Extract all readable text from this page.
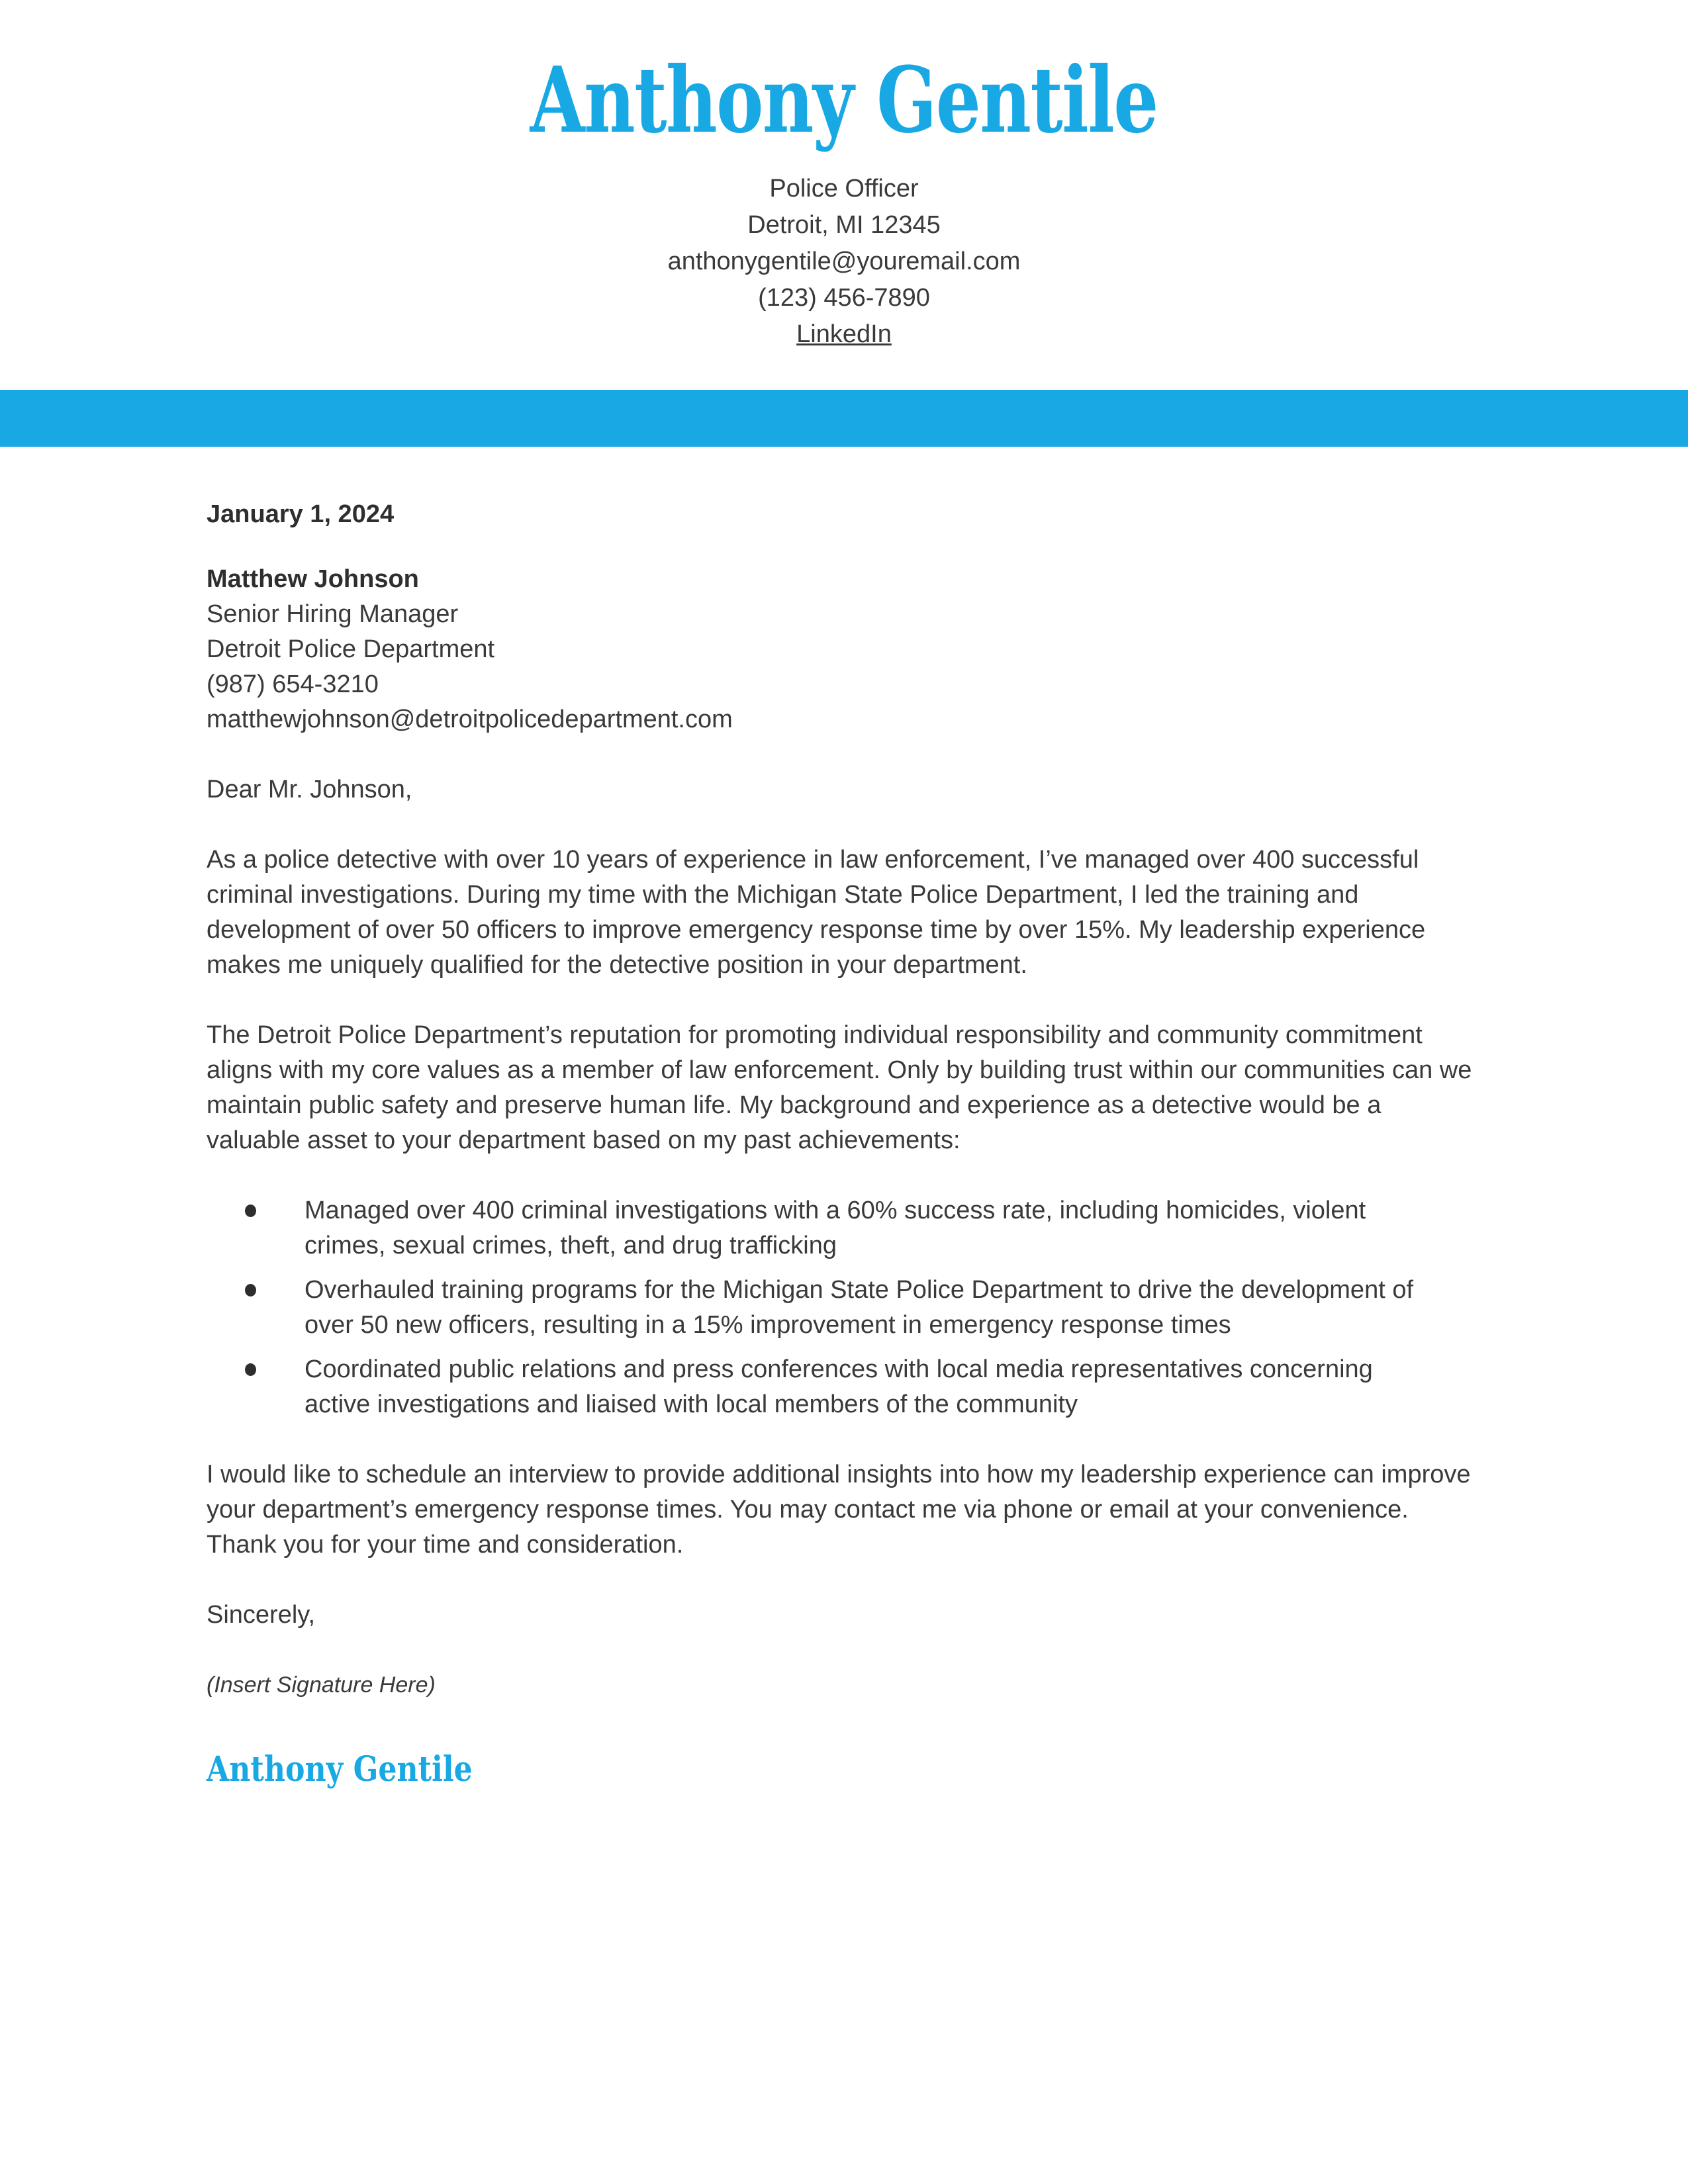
Anthony Gentile
Police Officer
Detroit, MI 12345
anthonygentile@youremail.com
(123) 456-7890
LinkedIn

January 1, 2024

Matthew Johnson
Senior Hiring Manager
Detroit Police Department
(987) 654-3210
matthewjohnson@detroitpolicedepartment.com

Dear Mr. Johnson,

As a police detective with over 10 years of experience in law enforcement, I’ve managed over 400 successful criminal investigations. During my time with the Michigan State Police Department, I led the training and development of over 50 officers to improve emergency response time by over 15%. My leadership experience makes me uniquely qualified for the detective position in your department.

The Detroit Police Department’s reputation for promoting individual responsibility and community commitment aligns with my core values as a member of law enforcement. Only by building trust within our communities can we maintain public safety and preserve human life. My background and experience as a detective would be a valuable asset to your department based on my past achievements:

Managed over 400 criminal investigations with a 60% success rate, including homicides, violent crimes, sexual crimes, theft, and drug trafficking
Overhauled training programs for the Michigan State Police Department to drive the development of over 50 new officers, resulting in a 15% improvement in emergency response times
Coordinated public relations and press conferences with local media representatives concerning active investigations and liaised with local members of the community

I would like to schedule an interview to provide additional insights into how my leadership experience can improve your department’s emergency response times. You may contact me via phone or email at your convenience. Thank you for your time and consideration.

Sincerely,

(Insert Signature Here)

Anthony Gentile
